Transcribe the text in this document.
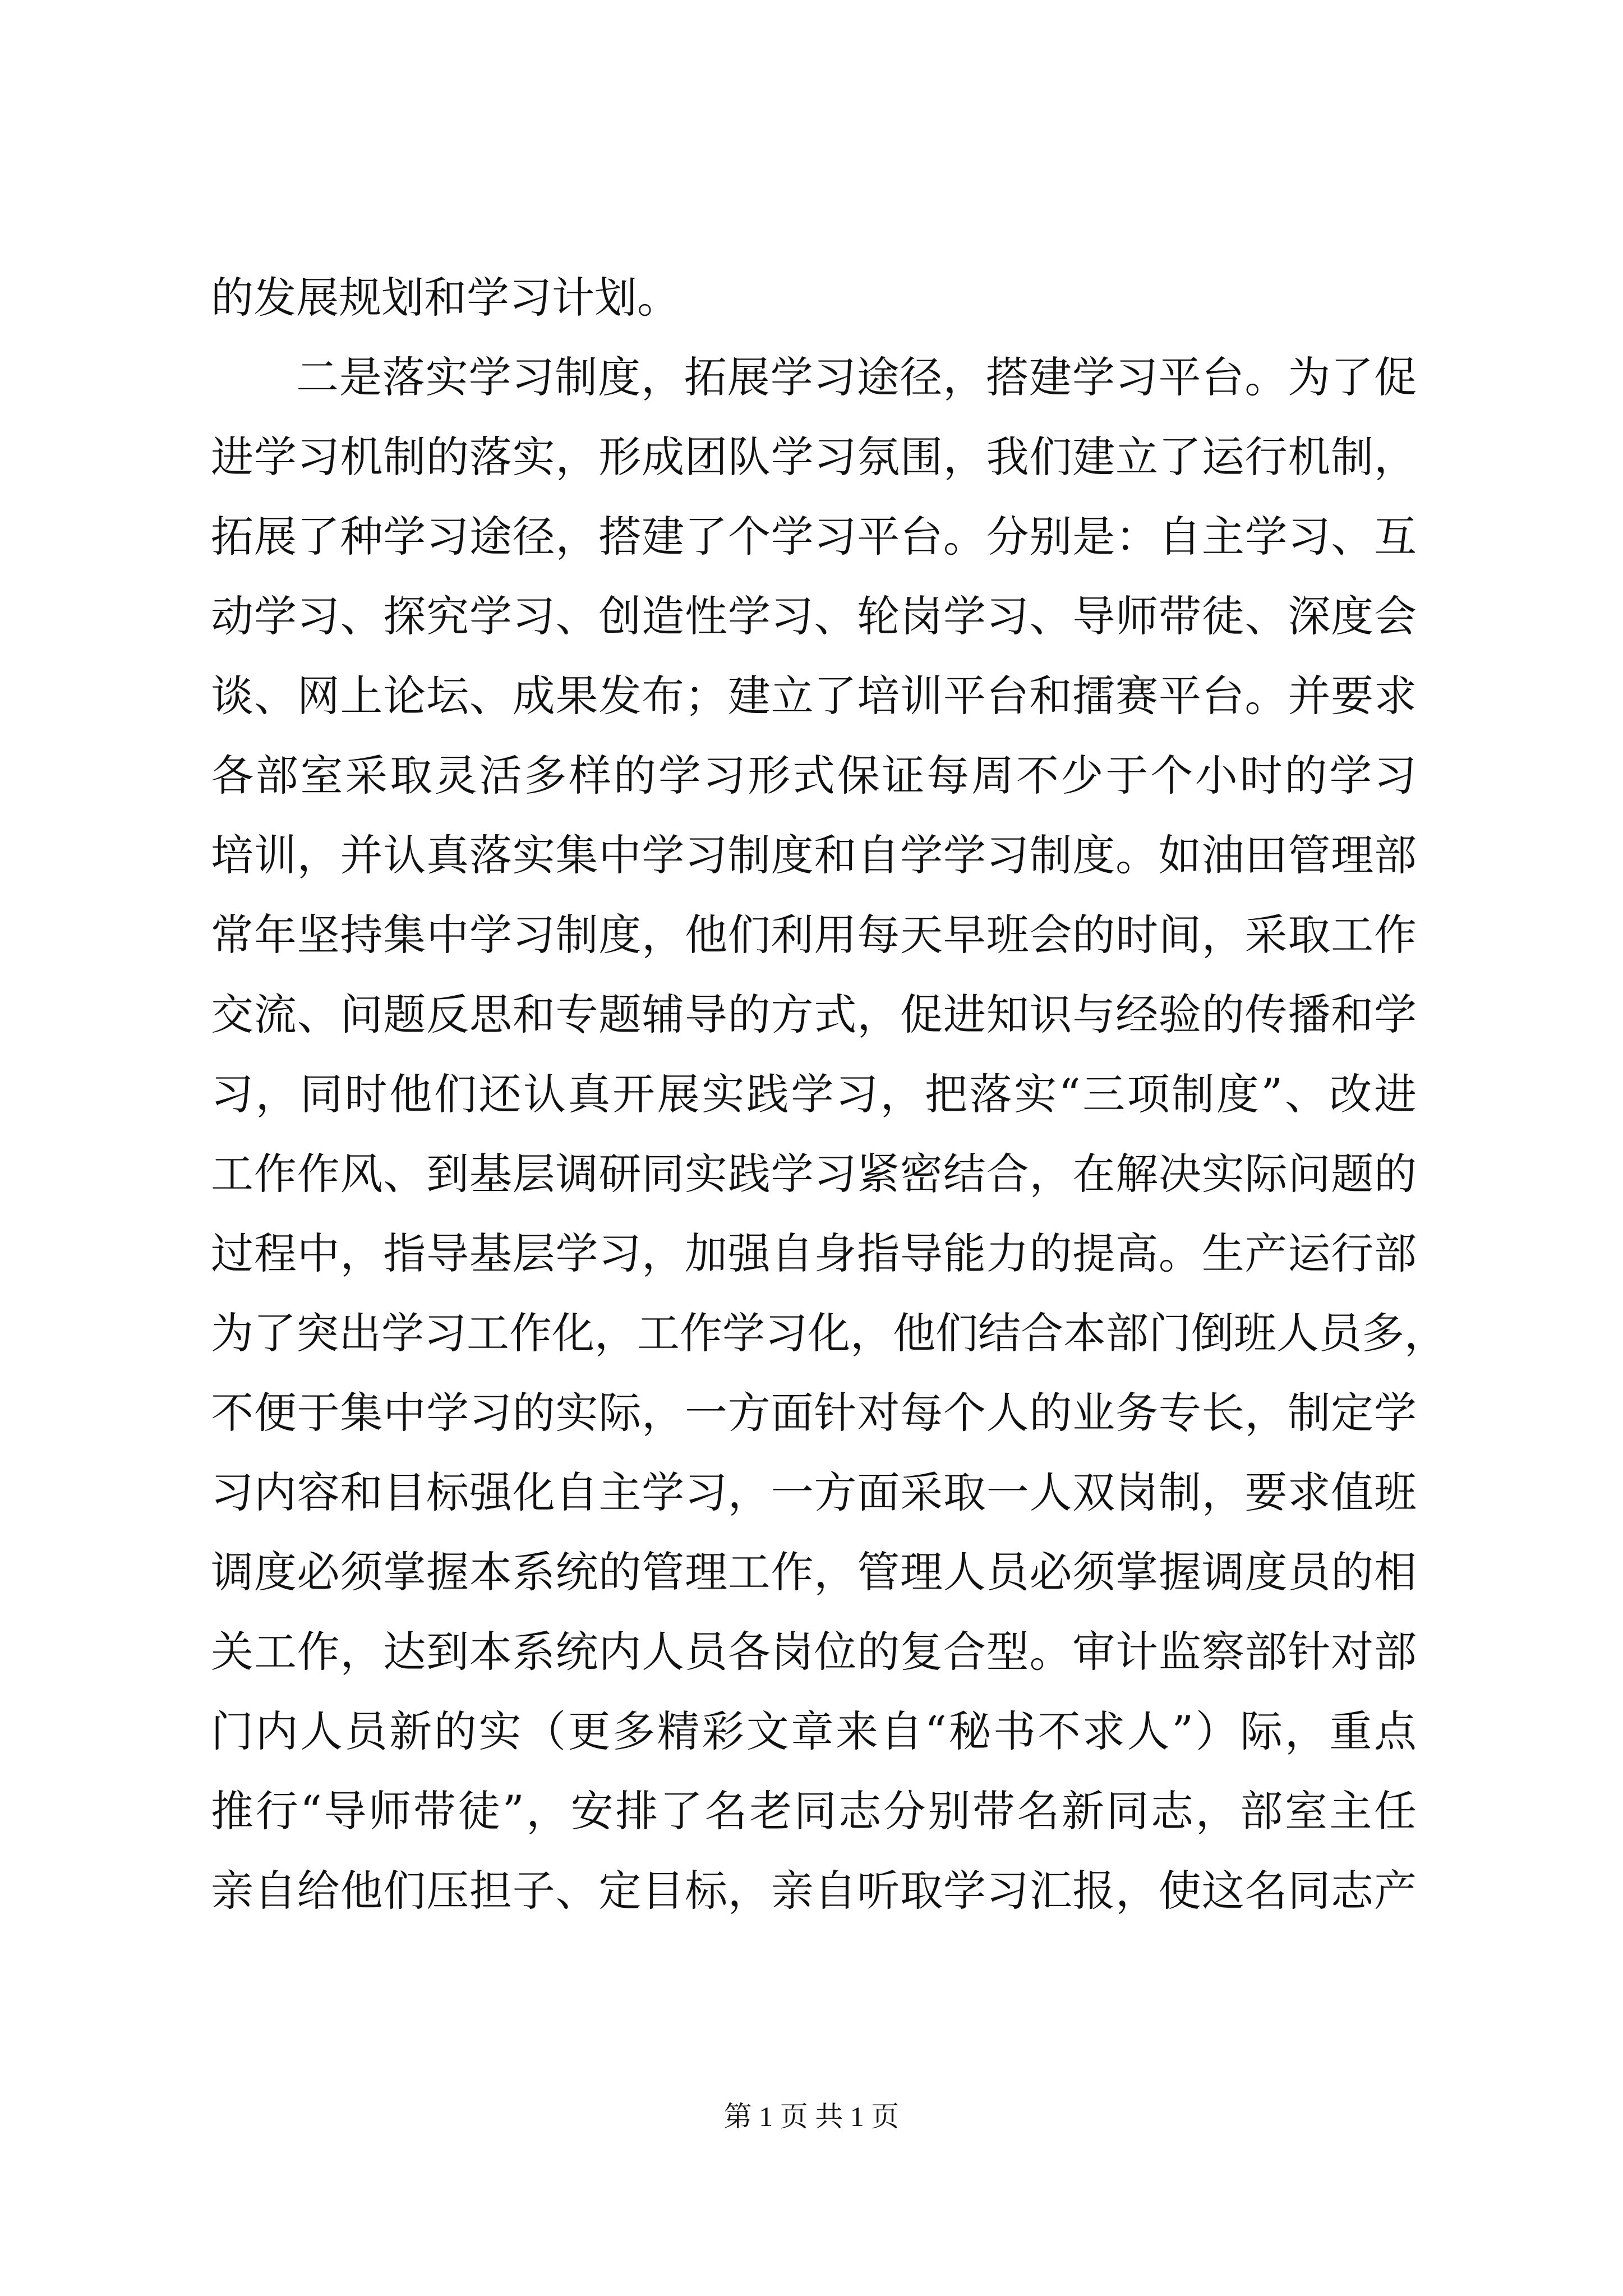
的发展规划和学习计划。
二是落实学习制度，拓展学习途径，搭建学习平台。为了促
进学习机制的落实，形成团队学习氛围，我们建立了运行机制，
拓展了种学习途径，搭建了个学习平台。分别是：自主学习、互
动学习、探究学习、创造性学习、轮岗学习、导师带徒、深度会
谈、网上论坛、成果发布；建立了培训平台和擂赛平台。并要求
各部室采取灵活多样的学习形式保证每周不少于个小时的学习
培训，并认真落实集中学习制度和自学学习制度。如油田管理部
常年坚持集中学习制度，他们利用每天早班会的时间，采取工作
交流、问题反思和专题辅导的方式，促进知识与经验的传播和学
习，同时他们还认真开展实践学习，把落实“三项制度”、改进
工作作风、到基层调研同实践学习紧密结合，在解决实际问题的
过程中，指导基层学习，加强自身指导能力的提高。生产运行部
为了突出学习工作化，工作学习化，他们结合本部门倒班人员多，
不便于集中学习的实际，一方面针对每个人的业务专长，制定学
习内容和目标强化自主学习，一方面采取一人双岗制，要求值班
调度必须掌握本系统的管理工作，管理人员必须掌握调度员的相
关工作，达到本系统内人员各岗位的复合型。审计监察部针对部
门内人员新的实（更多精彩文章来自“秘书不求人”）际，重点
推行“导师带徒”，安排了名老同志分别带名新同志，部室主任
亲自给他们压担子、定目标，亲自听取学习汇报，使这名同志产
第 1 页 共 1 页
